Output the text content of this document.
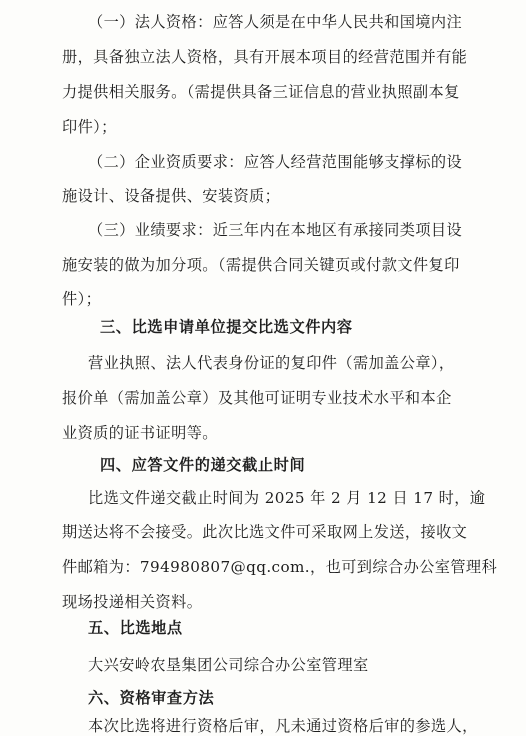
（一）法人资格：应答人须是在中华人民共和国境内注
册，具备独立法人资格，具有开展本项目的经营范围并有能
力提供相关服务。（需提供具备三证信息的营业执照副本复
印件）；
（二）企业资质要求：应答人经营范围能够支撑标的设
施设计、设备提供、安装资质；
（三）业绩要求：近三年内在本地区有承接同类项目设
施安装的做为加分项。（需提供合同关键页或付款文件复印
件）；
三、比选申请单位提交比选文件内容
营业执照、法人代表身份证的复印件（需加盖公章），
报价单（需加盖公章）及其他可证明专业技术水平和本企
业资质的证书证明等。
四、应答文件的递交截止时间
比选文件递交截止时间为 2025 年 2 月 12 日 17 时，逾
期送达将不会接受。此次比选文件可采取网上发送，接收文
件邮箱为：794980807@qq.com.，也可到综合办公室管理科
现场投递相关资料。
五、比选地点
大兴安岭农垦集团公司综合办公室管理室
六、资格审查方法
本次比选将进行资格后审，凡未通过资格后审的参选人，
